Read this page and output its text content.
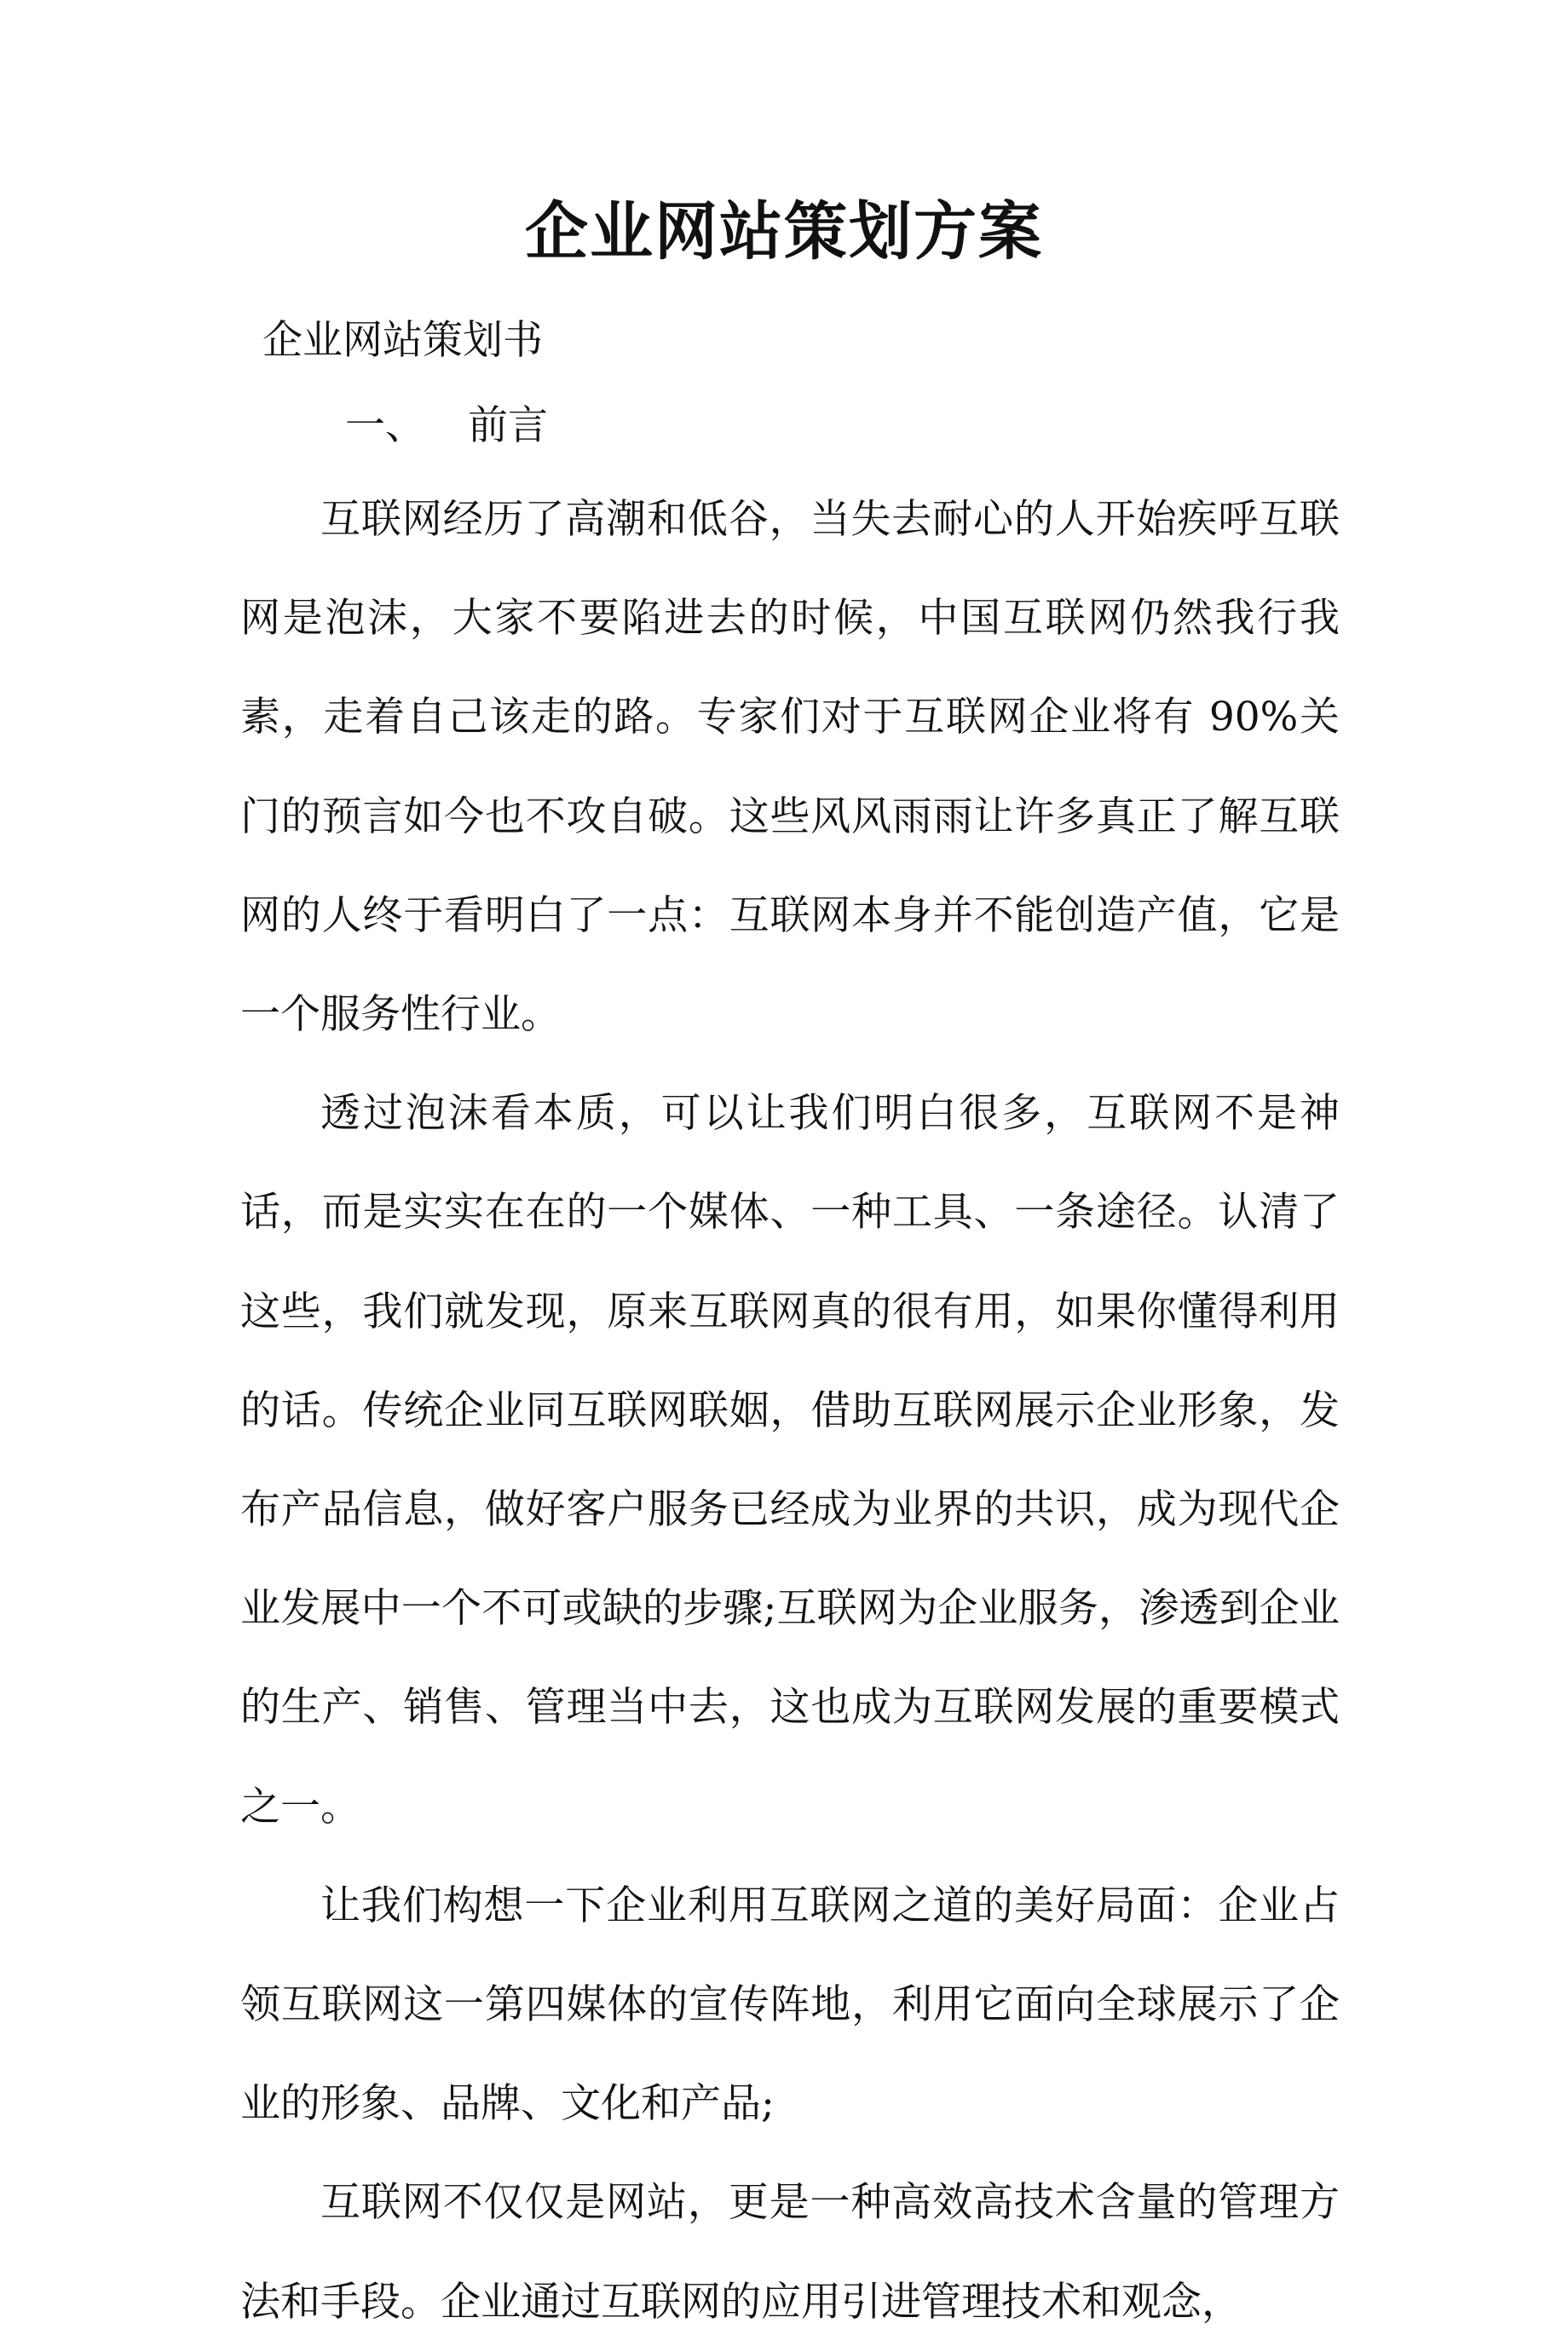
企业网站策划方案

企业网站策划书

一、 前言

互联网经历了高潮和低谷，当失去耐心的人开始疾呼互联网是泡沫，大家不要陷进去的时候，中国互联网仍然我行我素，走着自己该走的路。专家们对于互联网企业将有 90%关门的预言如今也不攻自破。这些风风雨雨让许多真正了解互联网的人终于看明白了一点：互联网本身并不能创造产值，它是一个服务性行业。

透过泡沫看本质，可以让我们明白很多，互联网不是神话，而是实实在在的一个媒体、一种工具、一条途径。认清了这些，我们就发现，原来互联网真的很有用，如果你懂得利用的话。传统企业同互联网联姻，借助互联网展示企业形象，发布产品信息，做好客户服务已经成为业界的共识，成为现代企业发展中一个不可或缺的步骤;互联网为企业服务，渗透到企业的生产、销售、管理当中去，这也成为互联网发展的重要模式之一。

让我们构想一下企业利用互联网之道的美好局面：企业占领互联网这一第四媒体的宣传阵地，利用它面向全球展示了企业的形象、品牌、文化和产品;

互联网不仅仅是网站，更是一种高效高技术含量的管理方法和手段。企业通过互联网的应用引进管理技术和观念，
